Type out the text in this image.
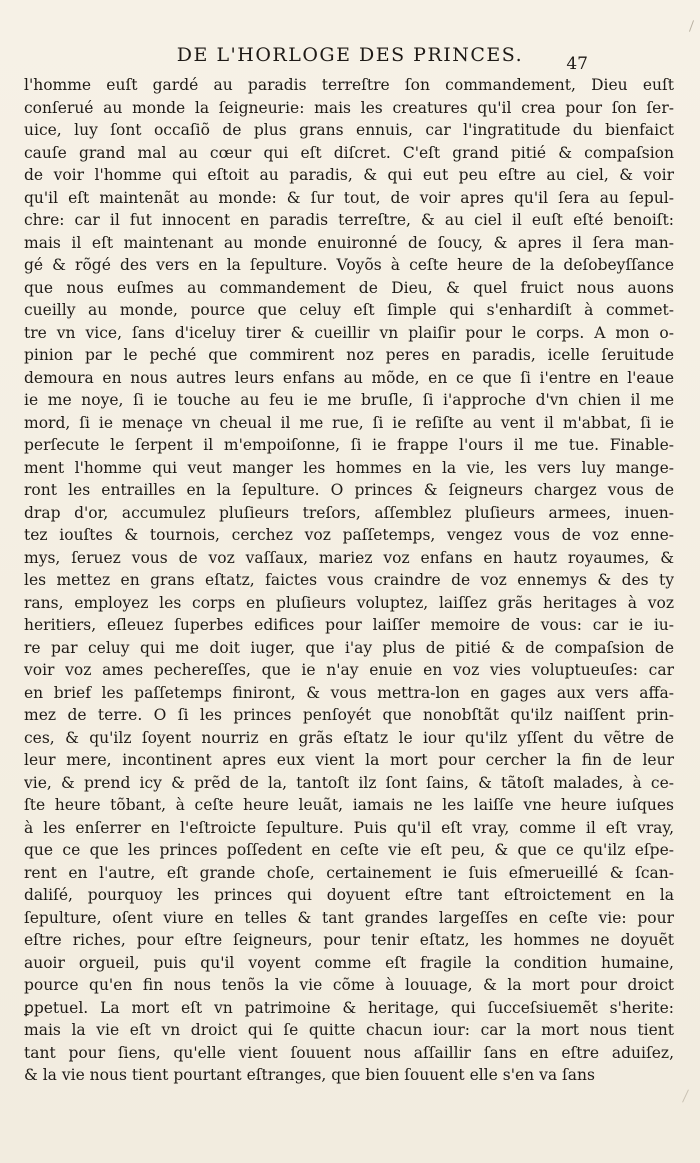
DE L'HORLOGE DES PRINCES.	47
l'homme euſt gardé au paradis terreſtre ſon commandement, Dieu euſt
conſerué au monde la ſeigneurie: mais les creatures qu'il crea pour ſon ſer-
uice, luy ſont occaſiõ de plus grans ennuis, car l'ingratitude du bienfaict
cauſe grand mal au cœur qui eſt diſcret. C'eſt grand pitié & compaſsion
de voir l'homme qui eſtoit au paradis, & qui eut peu eſtre au ciel, & voir
qu'il eſt maintenãt au monde: & ſur tout, de voir apres qu'il ſera au ſepul-
chre: car il fut innocent en paradis terreſtre, & au ciel il euſt eſté benoiſt:
mais il eſt maintenant au monde enuironné de ſoucy, & apres il ſera man-
gé & rõgé des vers en la ſepulture. Voyõs à ceſte heure de la deſobeyſſance
que nous euſmes au commandement de Dieu, & quel fruict nous auons
cueilly au monde, pource que celuy eſt ſimple qui s'enhardiſt à commet-
tre vn vice, ſans d'iceluy tirer & cueillir vn plaiſir pour le corps. A mon o-
pinion par le peché que commirent noz peres en paradis, icelle ſeruitude
demoura en nous autres leurs enfans au mõde, en ce que ſi i'entre en l'eaue
ie me noye, ſi ie touche au feu ie me bruſle, ſi i'approche d'vn chien il me
mord, ſi ie menaçe vn cheual il me rue, ſi ie reſiſte au vent il m'abbat, ſi ie
perſecute le ſerpent il m'empoiſonne, ſi ie frappe l'ours il me tue. Finable-
ment l'homme qui veut manger les hommes en la vie, les vers luy mange-
ront les entrailles en la ſepulture. O princes & ſeigneurs chargez vous de
drap d'or, accumulez pluſieurs treſors, aſſemblez pluſieurs armees, inuen-
tez iouſtes & tournois, cerchez voz paſſetemps, vengez vous de voz enne-
mys, ſeruez vous de voz vaſſaux, mariez voz enfans en hautz royaumes, &
les mettez en grans eſtatz, faictes vous craindre de voz ennemys & des ty
rans, employez les corps en pluſieurs voluptez, laiſſez grãs heritages à voz
heritiers, eſleuez ſuperbes edifices pour laiſſer memoire de vous: car ie iu-
re par celuy qui me doit iuger, que i'ay plus de pitié & de compaſsion de
voir voz ames pechereſſes, que ie n'ay enuie en voz vies voluptueuſes: car
en brief les paſſetemps finiront, & vous mettra-lon en gages aux vers affa-
mez de terre. O ſi les princes penſoyét que nonobſtãt qu'ilz naiſſent prin-
ces, & qu'ilz ſoyent nourriz en grãs eſtatz le iour qu'ilz yſſent du vẽtre de
leur mere, incontinent apres eux vient la mort pour cercher la fin de leur
vie, & prend icy & prẽd de la, tantoſt ilz ſont ſains, & tãtoſt malades, à ce-
ſte heure tõbant, à ceſte heure leuãt, iamais ne les laiſſe vne heure iuſques
à les enſerrer en l'eſtroicte ſepulture. Puis qu'il eſt vray, comme il eſt vray,
que ce que les princes poſſedent en ceſte vie eſt peu, & que ce qu'ilz eſpe-
rent en l'autre, eſt grande choſe, certainement ie ſuis eſmerueillé & ſcan-
daliſé, pourquoy les princes qui doyuent eſtre tant eſtroictement en la
ſepulture, oſent viure en telles & tant grandes largeſſes en ceſte vie: pour
eſtre riches, pour eſtre ſeigneurs, pour tenir eſtatz, les hommes ne doyuẽt
auoir orgueil, puis qu'il voyent comme eſt fragile la condition humaine,
pource qu'en fin nous tenõs la vie cõme à louuage, & la mort pour droict
ꝑpetuel. La mort eſt vn patrimoine & heritage, qui ſucceſsiuemẽt s'herite:
mais la vie eſt vn droict qui ſe quitte chacun iour: car la mort nous tient
tant pour ſiens, qu'elle vient ſouuent nous aſſaillir ſans en eſtre aduiſez,
& la vie nous tient pourtant eſtranges, que bien ſouuent elle s'en va ſans
